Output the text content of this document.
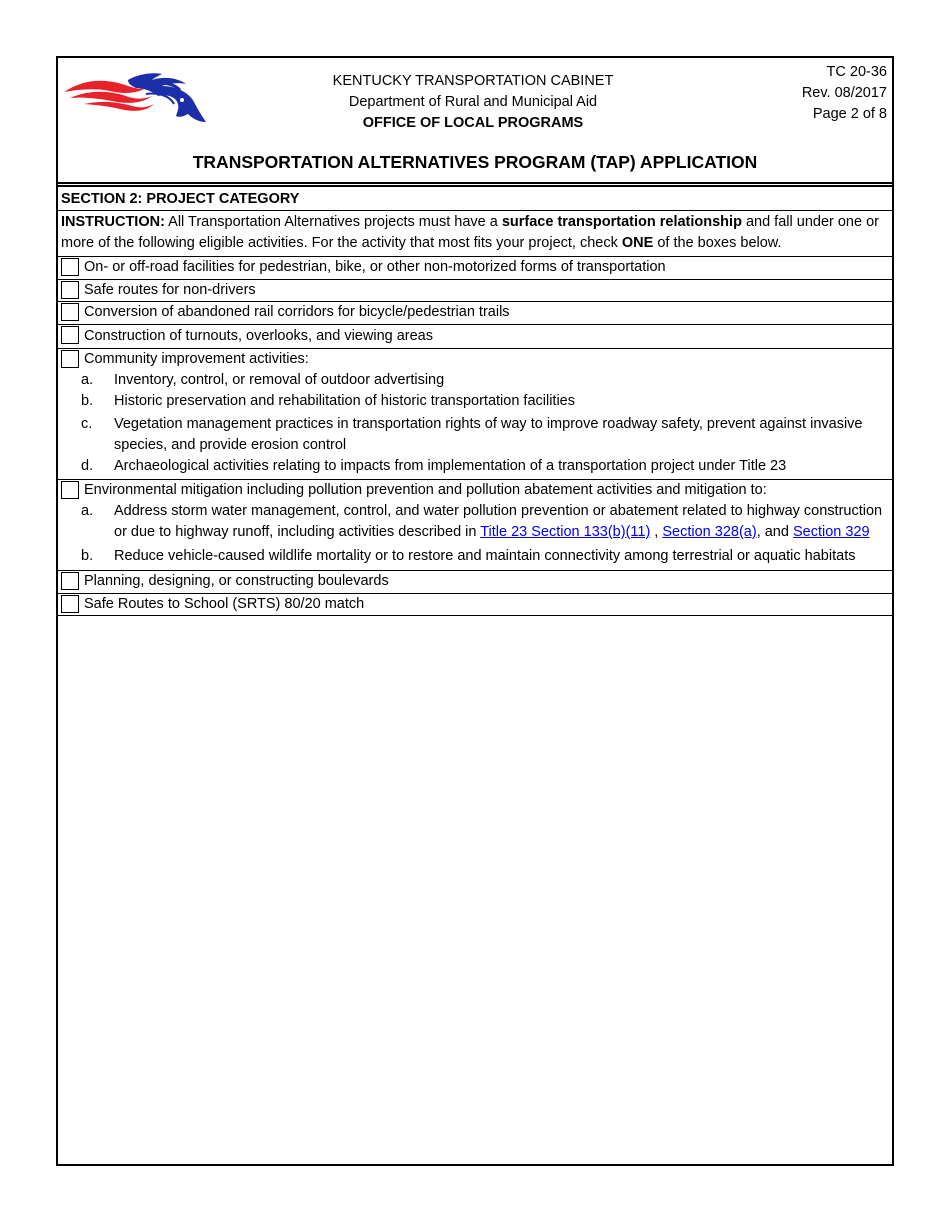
KENTUCKY TRANSPORTATION CABINET
Department of Rural and Municipal Aid
OFFICE OF LOCAL PROGRAMS
TC 20-36
Rev. 08/2017
Page 2 of 8
TRANSPORTATION ALTERNATIVES PROGRAM (TAP) APPLICATION
SECTION 2: PROJECT CATEGORY
INSTRUCTION: All Transportation Alternatives projects must have a surface transportation relationship and fall under one or more of the following eligible activities. For the activity that most fits your project, check ONE of the boxes below.
On- or off-road facilities for pedestrian, bike, or other non-motorized forms of transportation
Safe routes for non-drivers
Conversion of abandoned rail corridors for bicycle/pedestrian trails
Construction of turnouts, overlooks, and viewing areas
Community improvement activities:
a.	Inventory, control, or removal of outdoor advertising
b.	Historic preservation and rehabilitation of historic transportation facilities
c.	Vegetation management practices in transportation rights of way to improve roadway safety, prevent against invasive species, and provide erosion control
d.	Archaeological activities relating to impacts from implementation of a transportation project under Title 23
Environmental mitigation including pollution prevention and pollution abatement activities and mitigation to:
a.	Address storm water management, control, and water pollution prevention or abatement related to highway construction or due to highway runoff, including activities described in Title 23 Section 133(b)(11) , Section 328(a), and Section 329
b.	Reduce vehicle-caused wildlife mortality or to restore and maintain connectivity among terrestrial or aquatic habitats
Planning, designing, or constructing boulevards
Safe Routes to School (SRTS) 80/20 match
